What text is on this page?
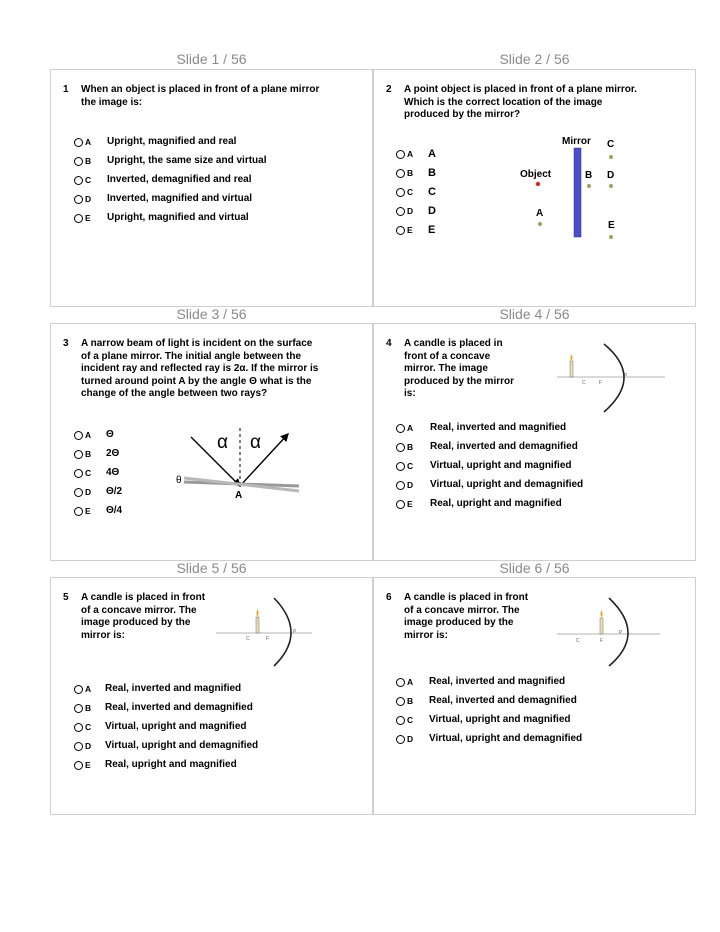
Slide 1 / 56	Slide 2 / 56
1 When an object is placed in front of a plane mirror
the image is:
A Upright, magnified and real
B Upright, the same size and virtual
C Inverted, demagnified and real
D Inverted, magnified and virtual
E Upright, magnified and virtual
2 A point object is placed in front of a plane mirror.
Which is the correct location of the image
produced by the mirror?
A A
B B
C C
D D
E E
Mirror
Object
C
B D
A
E
Slide 3 / 56	Slide 4 / 56
3 A narrow beam of light is incident on the surface
of a plane mirror. The initial angle between the
incident ray and reflected ray is 2α. If the mirror is
turned around point A by the angle Θ what is the
change of the angle between two rays?
A Θ
B 2Θ
C 4Θ
D Θ/2
E Θ/4
α α
θ
A
4 A candle is placed in
front of a concave
mirror. The image
produced by the mirror
is:
C	F
P
A Real, inverted and magnified
B Real, inverted and demagnified
C Virtual, upright and magnified
D Virtual, upright and demagnified
E Real, upright and magnified
Slide 5 / 56	Slide 6 / 56
5 A candle is placed in front
of a concave mirror. The
image produced by the
mirror is:	C	F
P
A Real, inverted and magnified
B Real, inverted and demagnified
C Virtual, upright and magnified
D Virtual, upright and demagnified
E Real, upright and magnified
6 A candle is placed in front
of a concave mirror. The
image produced by the
mirror is:
C	F
P
A Real, inverted and magnified
B Real, inverted and demagnified
C Virtual, upright and magnified
D Virtual, upright and demagnified
